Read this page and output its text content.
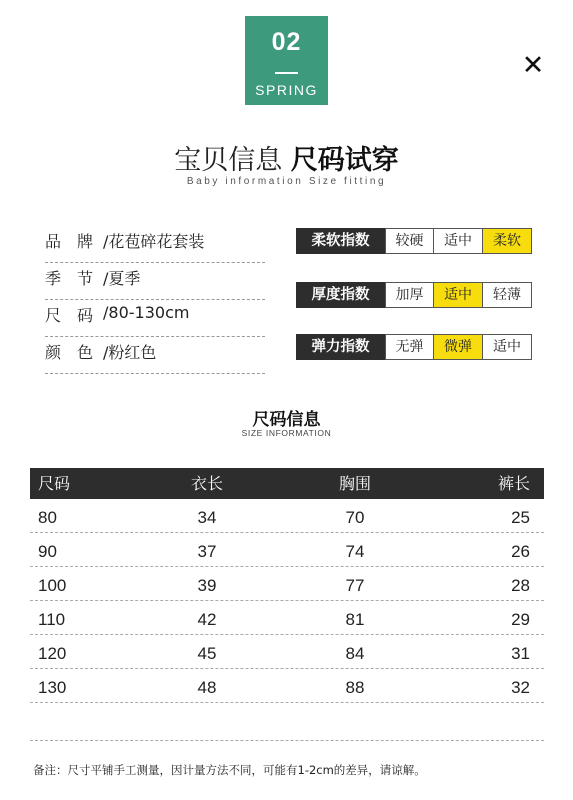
02
SPRING
✕
宝贝信息 尺码试穿
Baby information Size fitting
品牌
/花苞碎花套装
季节
/夏季
尺码
/80-130cm
颜色
/粉红色
柔软指数	较硬	适中	柔软
厚度指数	加厚	适中	轻薄
弹力指数	无弹	微弹	适中
尺码信息
SIZE INFORMATION
尺码	衣长	胸围	裤长
80	34	70	25
90	37	74	26
100	39	77	28
110	42	81	29
120	45	84	31
130	48	88	32
备注：尺寸平铺手工测量，因计量方法不同，可能有1-2cm的差异，请谅解。
